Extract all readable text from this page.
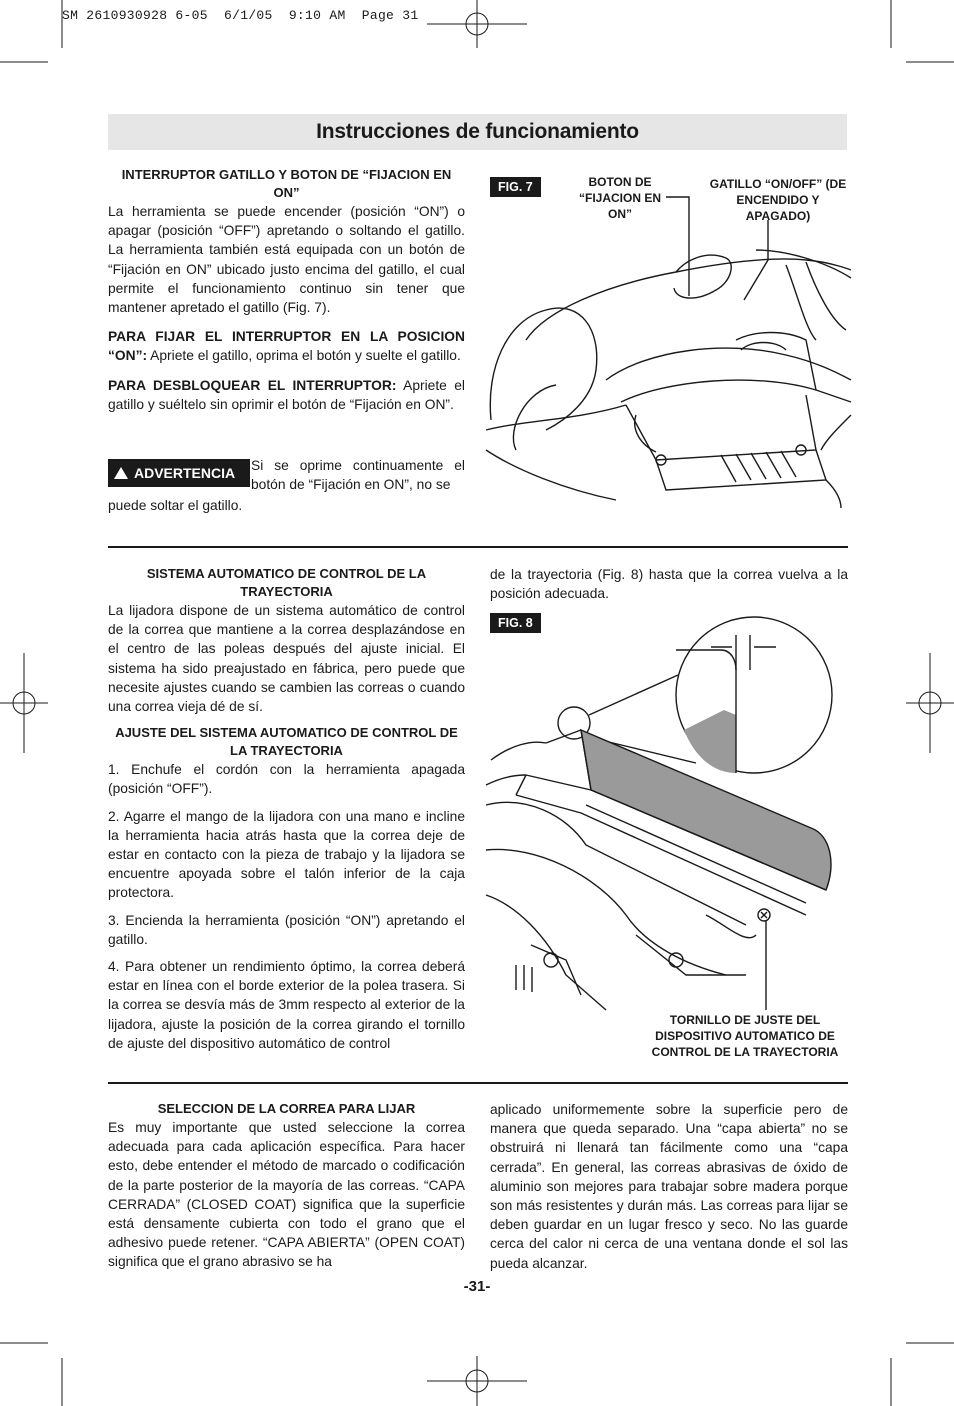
SM 2610930928 6-05  6/1/05  9:10 AM  Page 31
Instrucciones de funcionamiento
INTERRUPTOR GATILLO Y BOTON DE “FIJACION EN ON”

La herramienta se puede encender (posición “ON”) o apagar (posición “OFF”) apretando o soltando el gatillo. La herramienta también está equipada con un botón de “Fijación en ON” ubicado justo encima del gatillo, el cual permite el funcionamiento continuo sin tener que mantener apretado el gatillo (Fig. 7).

PARA FIJAR EL INTERRUPTOR EN LA POSICION “ON”: Apriete el gatillo, oprima el botón y suelte el gatillo.

PARA DESBLOQUEAR EL INTERRUPTOR: Apriete el gatillo y suéltelo sin oprimir el botón de “Fijación en ON”.

!
ADVERTENCIA Si se oprime continuamente el botón de “Fijación en ON”, no se
puede soltar el gatillo.
FIG. 7	BOTON DE “FIJACION EN ON”
GATILLO “ON/OFF” (DE ENCENDIDO Y APAGADO)
SISTEMA AUTOMATICO DE CONTROL DE LA TRAYECTORIA

La lijadora dispone de un sistema automático de control de la correa que mantiene a la correa desplazándose en el centro de las poleas después del ajuste inicial. El sistema ha sido preajustado en fábrica, pero puede que necesite ajustes cuando se cambien las correas o cuando una correa vieja dé de sí.

AJUSTE DEL SISTEMA AUTOMATICO DE CONTROL DE LA TRAYECTORIA

1. Enchufe el cordón con la herramienta apagada (posición “OFF”).

2. Agarre el mango de la lijadora con una mano e incline la herramienta hacia atrás hasta que la correa deje de estar en contacto con la pieza de trabajo y la lijadora se encuentre apoyada sobre el talón inferior de la caja protectora.

3. Encienda la herramienta (posición “ON”) apretando el gatillo.

4. Para obtener un rendimiento óptimo, la correa deberá estar en línea con el borde exterior de la polea trasera. Si la correa se desvía más de 3mm respecto al exterior de la lijadora, ajuste la posición de la correa girando el tornillo de ajuste del dispositivo automático de control

de la trayectoria (Fig. 8) hasta que la correa vuelva a la posición adecuada.
FIG. 8
TORNILLO DE JUSTE DEL DISPOSITIVO AUTOMATICO DE CONTROL DE LA TRAYECTORIA
SELECCION DE LA CORREA PARA LIJAR

Es muy importante que usted seleccione la correa adecuada para cada aplicación específica. Para hacer esto, debe entender el método de marcado o codificación de la parte posterior de la mayoría de las correas. “CAPA CERRADA” (CLOSED COAT) significa que la superficie está densamente cubierta con todo el grano que el adhesivo puede retener. “CAPA ABIERTA” (OPEN COAT) significa que el grano abrasivo se ha

aplicado uniformemente sobre la superficie pero de manera que queda separado. Una “capa abierta” no se obstruirá ni llenará tan fácilmente como una “capa cerrada”. En general, las correas abrasivas de óxido de aluminio son mejores para trabajar sobre madera porque son más resistentes y durán más. Las correas para lijar se deben guardar en un lugar fresco y seco. No las guarde cerca del calor ni cerca de una ventana donde el sol las pueda alcanzar.
-31-
